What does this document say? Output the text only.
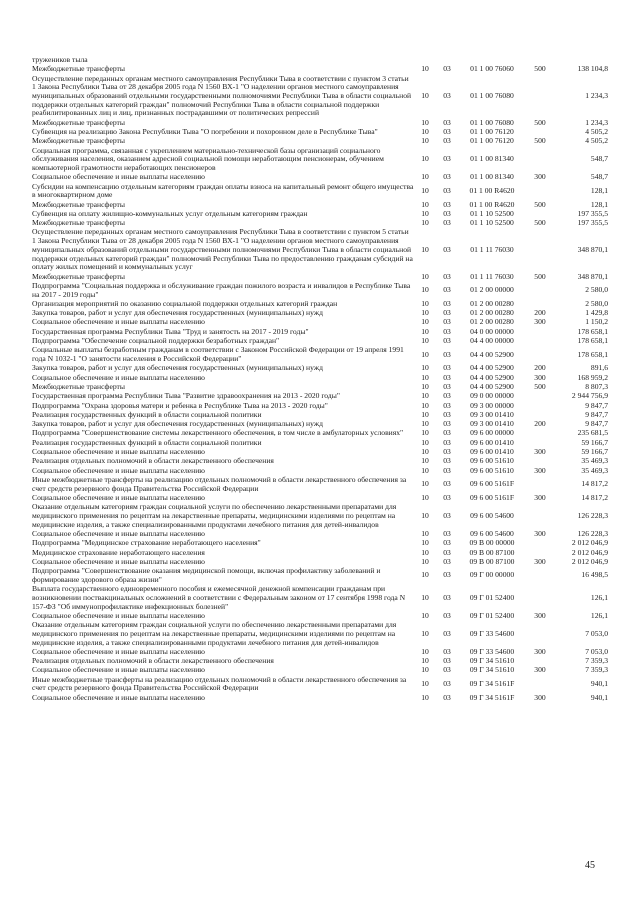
тружеников тыла					
Межбюджетные трансферты	10	03	01 1 00 76060	500	138 104,8
Осуществление переданных органам местного самоуправления Республики Тыва в соответствии с пунктом 3 статьи 1 Закона Республики Тыва от 28 декабря 2005 года N 1560 ВХ-1 "О наделении органов местного самоуправления муниципальных образований отдельными государственными полномочиями Республики Тыва в области социальной поддержки отдельных категорий граждан" полномочий Республики Тыва в области социальной поддержки реабилитированных лиц и лиц, признанных пострадавшими от политических репрессий	10	03	01 1 00 76080		1 234,3
Межбюджетные трансферты	10	03	01 1 00 76080	500	1 234,3
Субвенция на реализацию Закона Республики Тыва "О погребении и похоронном деле в Республике Тыва"	10	03	01 1 00 76120		4 505,2
Межбюджетные трансферты	10	03	01 1 00 76120	500	4 505,2
Социальная программа, связанная с укреплением материально-технической базы организаций социального обслуживания населения, оказанием адресной социальной помощи неработающим пенсионерам, обучением компьютерной грамотности неработающих пенсионеров	10	03	01 1 00 81340		548,7
Социальное обеспечение и иные выплаты населению	10	03	01 1 00 81340	300	548,7
Субсидии на компенсацию отдельным категориям граждан оплаты взноса на капитальный ремонт общего имущества в многоквартирном доме	10	03	01 1 00 R4620		128,1
Межбюджетные трансферты	10	03	01 1 00 R4620	500	128,1
Субвенция на оплату жилищно-коммунальных услуг отдельным категориям граждан	10	03	01 1 10 52500		197 355,5
Межбюджетные трансферты	10	03	01 1 10 52500	500	197 355,5
Осуществление переданных органам местного самоуправления Республики Тыва в соответствии с пунктом 5 статьи 1 Закона Республики Тыва от 28 декабря 2005 года N 1560 ВХ-1 "О наделении органов местного самоуправления муниципальных образований отдельными государственными полномочиями Республики Тыва в области социальной поддержки отдельных категорий граждан" полномочий Республики Тыва по предоставлению гражданам субсидий на оплату жилых помещений и коммунальных услуг	10	03	01 1 11 76030		348 870,1
Межбюджетные трансферты	10	03	01 1 11 76030	500	348 870,1
Подпрограмма "Социальная поддержка и обслуживание граждан пожилого возраста и инвалидов в Республике Тыва на 2017 - 2019 годы"	10	03	01 2 00 00000		2 580,0
Организация мероприятий по оказанию социальной поддержки отдельных категорий граждан	10	03	01 2 00 00280		2 580,0
Закупка товаров, работ и услуг для обеспечения государственных (муниципальных) нужд	10	03	01 2 00 00280	200	1 429,8
Социальное обеспечение и иные выплаты населению	10	03	01 2 00 00280	300	1 150,2
Государственная программа Республики Тыва "Труд и занятость на 2017 - 2019 годы"	10	03	04 0 00 00000		178 658,1
Подпрограмма "Обеспечение социальной поддержки безработных граждан"	10	03	04 4 00 00000		178 658,1
Социальные выплаты безработным гражданам в соответствии с Законом Российской Федерации от 19 апреля 1991 года N 1032-1 "О занятости населения в Российской Федерации"	10	03	04 4 00 52900		178 658,1
Закупка товаров, работ и услуг для обеспечения государственных (муниципальных) нужд	10	03	04 4 00 52900	200	891,6
Социальное обеспечение и иные выплаты населению	10	03	04 4 00 52900	300	168 959,2
Межбюджетные трансферты	10	03	04 4 00 52900	500	8 807,3
Государственная программа Республики Тыва "Развитие здравоохранения на 2013 - 2020 годы"	10	03	09 0 00 00000		2 944 756,9
Подпрограмма "Охрана здоровья матери и ребенка в Республике Тыва на 2013 - 2020 годы"	10	03	09 3 00 00000		9 847,7
Реализация государственных функций в области социальной политики	10	03	09 3 00 01410		9 847,7
Закупка товаров, работ и услуг для обеспечения государственных (муниципальных) нужд	10	03	09 3 00 01410	200	9 847,7
Подпрограмма "Совершенствование системы лекарственного обеспечения, в том числе в амбулаторных условиях"	10	03	09 6 00 00000		235 681,5
Реализация государственных функций в области социальной политики	10	03	09 6 00 01410		59 166,7
Социальное обеспечение и иные выплаты населению	10	03	09 6 00 01410	300	59 166,7
Реализация отдельных полномочий в области лекарственного обеспечения	10	03	09 6 00 51610		35 469,3
Социальное обеспечение и иные выплаты населению	10	03	09 6 00 51610	300	35 469,3
Иные межбюджетные трансферты на реализацию отдельных полномочий в области лекарственного обеспечения за счет средств резервного фонда Правительства Российской Федерации	10	03	09 6 00 5161F		14 817,2
Социальное обеспечение и иные выплаты населению	10	03	09 6 00 5161F	300	14 817,2
Оказание отдельным категориям граждан социальной услуги по обеспечению лекарственными препаратами для медицинского применения по рецептам на лекарственные препараты, медицинскими изделиями по рецептам на медицинские изделия, а также специализированными продуктами лечебного питания для детей-инвалидов	10	03	09 6 00 54600		126 228,3
Социальное обеспечение и иные выплаты населению	10	03	09 6 00 54600	300	126 228,3
Подпрограмма "Медицинское страхование неработающего населения"	10	03	09 В 00 00000		2 012 046,9
Медицинское страхование неработающего населения	10	03	09 В 00 87100		2 012 046,9
Социальное обеспечение и иные выплаты населению	10	03	09 В 00 87100	300	2 012 046,9
Подпрограмма "Совершенствование оказания медицинской помощи, включая профилактику заболеваний и формирование здорового образа жизни"	10	03	09 Г 00 00000		16 498,5
Выплата государственного единовременного пособия и ежемесячной денежной компенсации гражданам при возникновении поствакцинальных осложнений в соответствии с Федеральным законом от 17 сентября 1998 года N 157-ФЗ "Об иммунопрофилактике инфекционных болезней"	10	03	09 Г 01 52400		126,1
Социальное обеспечение и иные выплаты населению	10	03	09 Г 01 52400	300	126,1
Оказание отдельным категориям граждан социальной услуги по обеспечению лекарственными препаратами для медицинского применения по рецептам на лекарственные препараты, медицинскими изделиями по рецептам на медицинские изделия, а также специализированными продуктами лечебного питания для детей-инвалидов	10	03	09 Г 33 54600		7 053,0
Социальное обеспечение и иные выплаты населению	10	03	09 Г 33 54600	300	7 053,0
Реализация отдельных полномочий в области лекарственного обеспечения	10	03	09 Г 34 51610		7 359,3
Социальное обеспечение и иные выплаты населению	10	03	09 Г 34 51610	300	7 359,3
Иные межбюджетные трансферты на реализацию отдельных полномочий в области лекарственного обеспечения за счет средств резервного фонда Правительства Российской Федерации	10	03	09 Г 34 5161F		940,1
Социальное обеспечение и иные выплаты населению	10	03	09 Г 34 5161F	300	940,1
45
